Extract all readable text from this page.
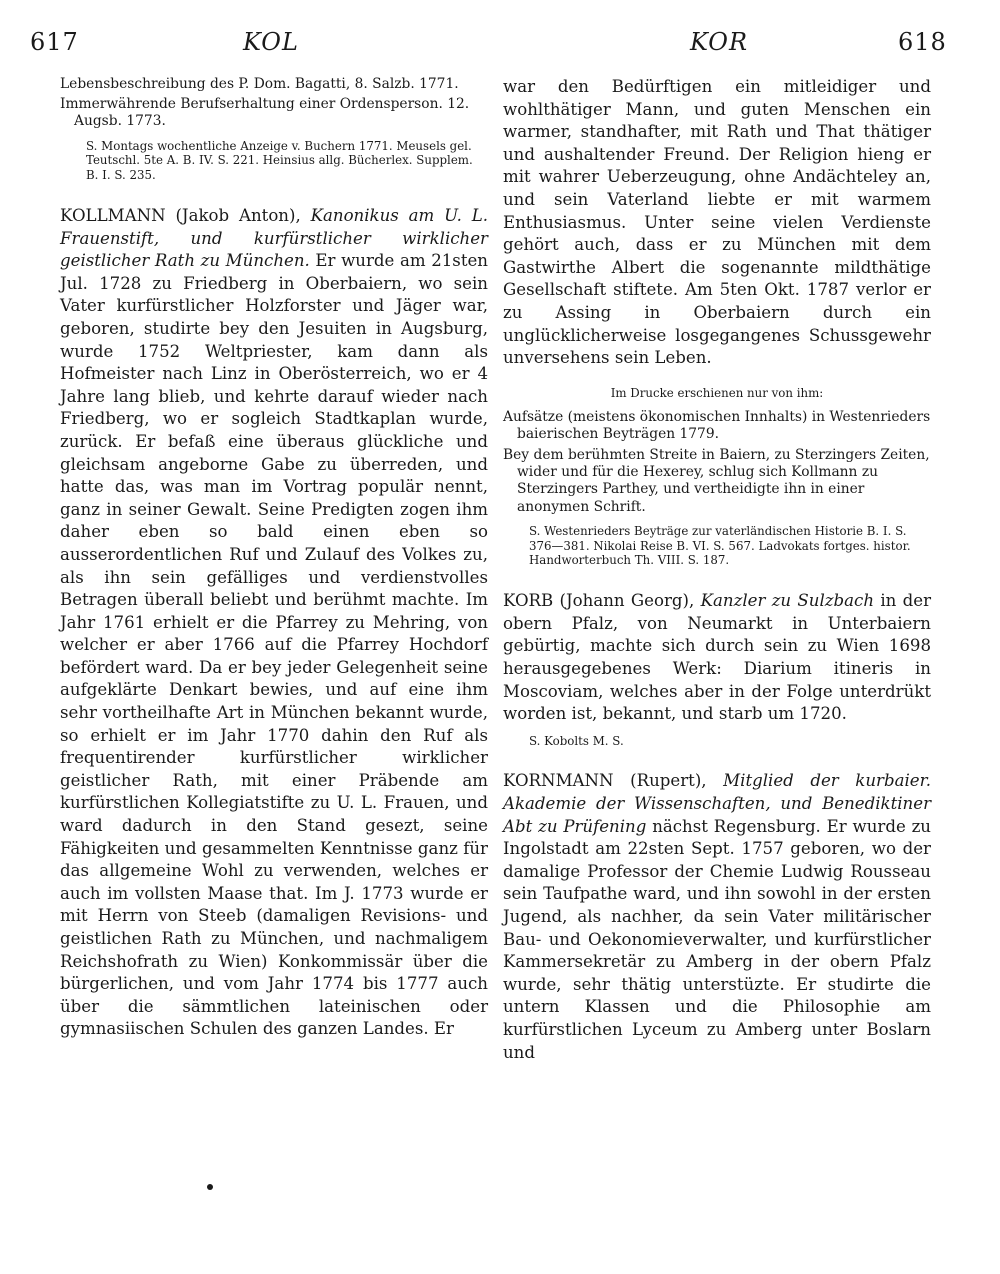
617	KOL	KOR	618

Lebensbeschreibung des P. Dom. Bagatti, 8. Salzb. 1771.

Immerwährende Berufserhaltung einer Ordensperson. 12. Augsb. 1773.

S. Montags wochentliche Anzeige v. Buchern 1771. Meusels gel. Teutschl. 5te A. B. IV. S. 221. Heinsius allg. Bücherlex. Supplem. B. I. S. 235.

KOLLMANN (Jakob Anton), Kanonikus am U. L. Frauenstift, und kurfürstlicher wirklicher geistlicher Rath zu München. Er wurde am 21sten Jul. 1728 zu Friedberg in Oberbaiern, wo sein Vater kurfürstlicher Holzforster und Jäger war, geboren, studirte bey den Jesuiten in Augsburg, wurde 1752 Weltpriester, kam dann als Hofmeister nach Linz in Oberösterreich, wo er 4 Jahre lang blieb, und kehrte darauf wieder nach Friedberg, wo er sogleich Stadtkaplan wurde, zurück. Er befaß eine überaus glückliche und gleichsam angeborne Gabe zu überreden, und hatte das, was man im Vortrag populär nennt, ganz in seiner Gewalt. Seine Predigten zogen ihm daher eben so bald einen eben so ausserordentlichen Ruf und Zulauf des Volkes zu, als ihn sein gefälliges und verdienstvolles Betragen überall beliebt und berühmt machte. Im Jahr 1761 erhielt er die Pfarrey zu Mehring, von welcher er aber 1766 auf die Pfarrey Hochdorf befördert ward. Da er bey jeder Gelegenheit seine aufgeklärte Denkart bewies, und auf eine ihm sehr vortheilhafte Art in München bekannt wurde, so erhielt er im Jahr 1770 dahin den Ruf als frequentirender kurfürstlicher wirklicher geistlicher Rath, mit einer Präbende am kurfürstlichen Kollegiatstifte zu U. L. Frauen, und ward dadurch in den Stand gesezt, seine Fähigkeiten und gesammelten Kenntnisse ganz für das allgemeine Wohl zu verwenden, welches er auch im vollsten Maase that. Im J. 1773 wurde er mit Herrn von Steeb (damaligen Revisions- und geistlichen Rath zu München, und nachmaligem Reichshofrath zu Wien) Konkommissär über die bürgerlichen, und vom Jahr 1774 bis 1777 auch über die sämmtlichen lateinischen oder gymnasiischen Schulen des ganzen Landes. Er

war den Bedürftigen ein mitleidiger und wohlthätiger Mann, und guten Menschen ein warmer, standhafter, mit Rath und That thätiger und aushaltender Freund. Der Religion hieng er mit wahrer Ueberzeugung, ohne Andächteley an, und sein Vaterland liebte er mit warmem Enthusiasmus. Unter seine vielen Verdienste gehört auch, dass er zu München mit dem Gastwirthe Albert die sogenannte mildthätige Gesellschaft stiftete. Am 5ten Okt. 1787 verlor er zu Assing in Oberbaiern durch ein unglücklicherweise losgegangenes Schussgewehr unversehens sein Leben.

Im Drucke erschienen nur von ihm:

Aufsätze (meistens ökonomischen Innhalts) in Westenrieders baierischen Beyträgen 1779.

Bey dem berühmten Streite in Baiern, zu Sterzingers Zeiten, wider und für die Hexerey, schlug sich Kollmann zu Sterzingers Parthey, und vertheidigte ihn in einer anonymen Schrift.

S. Westenrieders Beyträge zur vaterländischen Historie B. I. S. 376—381. Nikolai Reise B. VI. S. 567. Ladvokats fortges. histor. Handworterbuch Th. VIII. S. 187.

KORB (Johann Georg), Kanzler zu Sulzbach in der obern Pfalz, von Neumarkt in Unterbaiern gebürtig, machte sich durch sein zu Wien 1698 herausgegebenes Werk: Diarium itineris in Moscoviam, welches aber in der Folge unterdrükt worden ist, bekannt, und starb um 1720.

S. Kobolts M. S.

KORNMANN (Rupert), Mitglied der kurbaier. Akademie der Wissenschaften, und Benediktiner Abt zu Prüfening nächst Regensburg. Er wurde zu Ingolstadt am 22sten Sept. 1757 geboren, wo der damalige Professor der Chemie Ludwig Rousseau sein Taufpathe ward, und ihn sowohl in der ersten Jugend, als nachher, da sein Vater militärischer Bau- und Oekonomieverwalter, und kurfürstlicher Kammersekretär zu Amberg in der obern Pfalz wurde, sehr thätig unterstüzte. Er studirte die untern Klassen und die Philosophie am kurfürstlichen Lyceum zu Amberg unter Boslarn und
